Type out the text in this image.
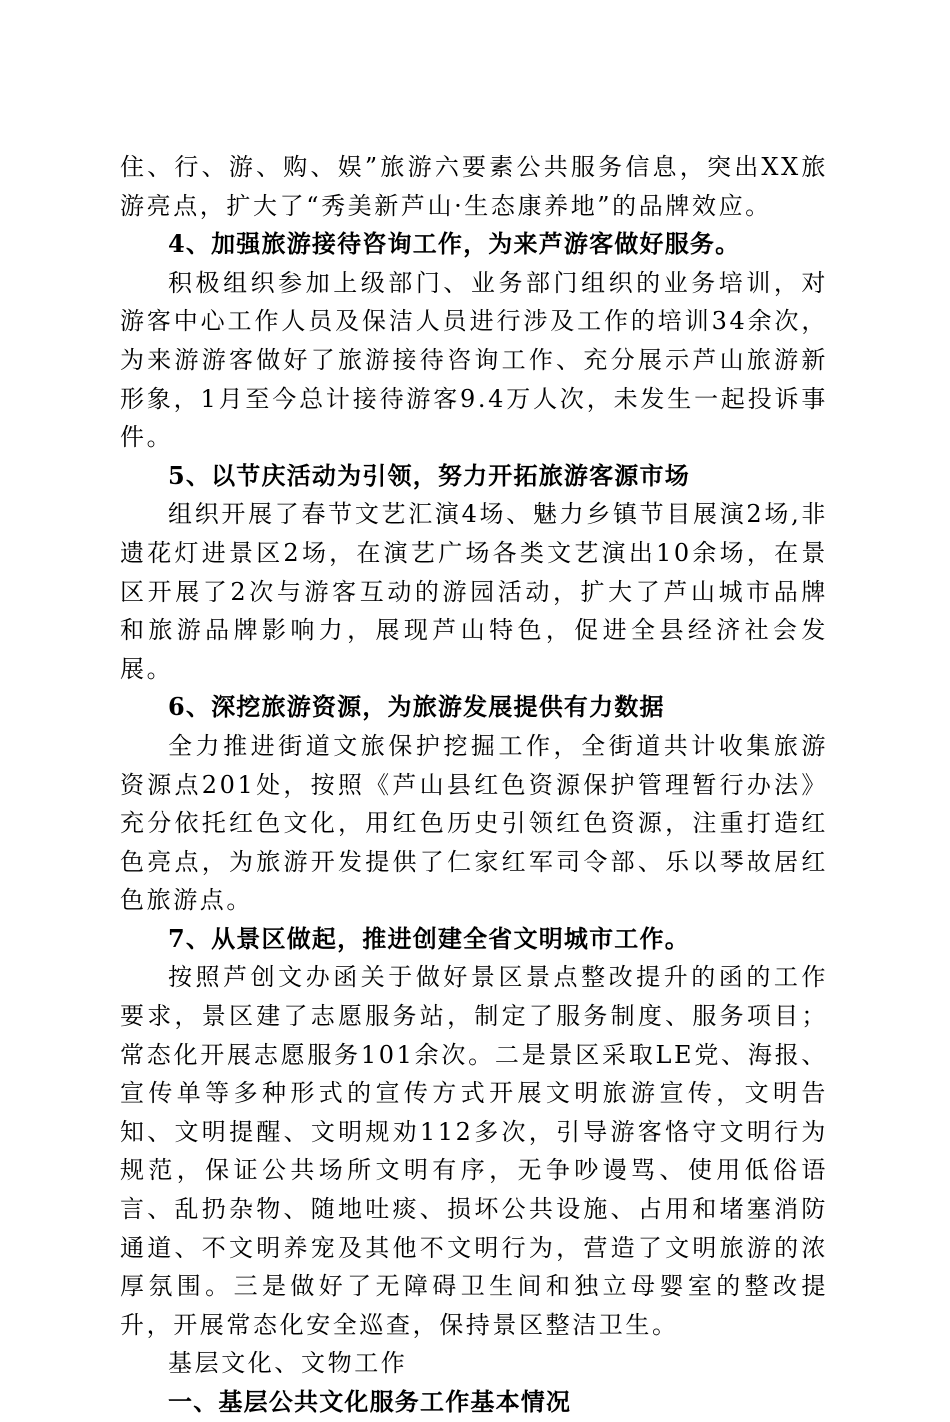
住、行、游、购、娱”旅游六要素公共服务信息，突出XX旅游亮点，扩大了“秀美新芦山·生态康养地”的品牌效应。

4、加强旅游接待咨询工作，为来芦游客做好服务。

积极组织参加上级部门、业务部门组织的业务培训，对游客中心工作人员及保洁人员进行涉及工作的培训34余次，为来游游客做好了旅游接待咨询工作、充分展示芦山旅游新形象，1月至今总计接待游客9.4万人次，未发生一起投诉事件。

5、以节庆活动为引领，努力开拓旅游客源市场

组织开展了春节文艺汇演4场、魅力乡镇节目展演2场,非遗花灯进景区2场，在演艺广场各类文艺演出10余场，在景区开展了2次与游客互动的游园活动，扩大了芦山城市品牌和旅游品牌影响力，展现芦山特色，促进全县经济社会发展。

6、深挖旅游资源，为旅游发展提供有力数据

全力推进街道文旅保护挖掘工作，全街道共计收集旅游资源点201处，按照《芦山县红色资源保护管理暂行办法》充分依托红色文化，用红色历史引领红色资源，注重打造红色亮点，为旅游开发提供了仁家红军司令部、乐以琴故居红色旅游点。

7、从景区做起，推进创建全省文明城市工作。

按照芦创文办函关于做好景区景点整改提升的函的工作要求，景区建了志愿服务站，制定了服务制度、服务项目；常态化开展志愿服务101余次。二是景区采取LE党、海报、宣传单等多种形式的宣传方式开展文明旅游宣传，文明告知、文明提醒、文明规劝112多次，引导游客恪守文明行为规范，保证公共场所文明有序，无争吵谩骂、使用低俗语言、乱扔杂物、随地吐痰、损坏公共设施、占用和堵塞消防通道、不文明养宠及其他不文明行为，营造了文明旅游的浓厚氛围。三是做好了无障碍卫生间和独立母婴室的整改提升，开展常态化安全巡查，保持景区整洁卫生。

基层文化、文物工作

一、基层公共文化服务工作基本情况
